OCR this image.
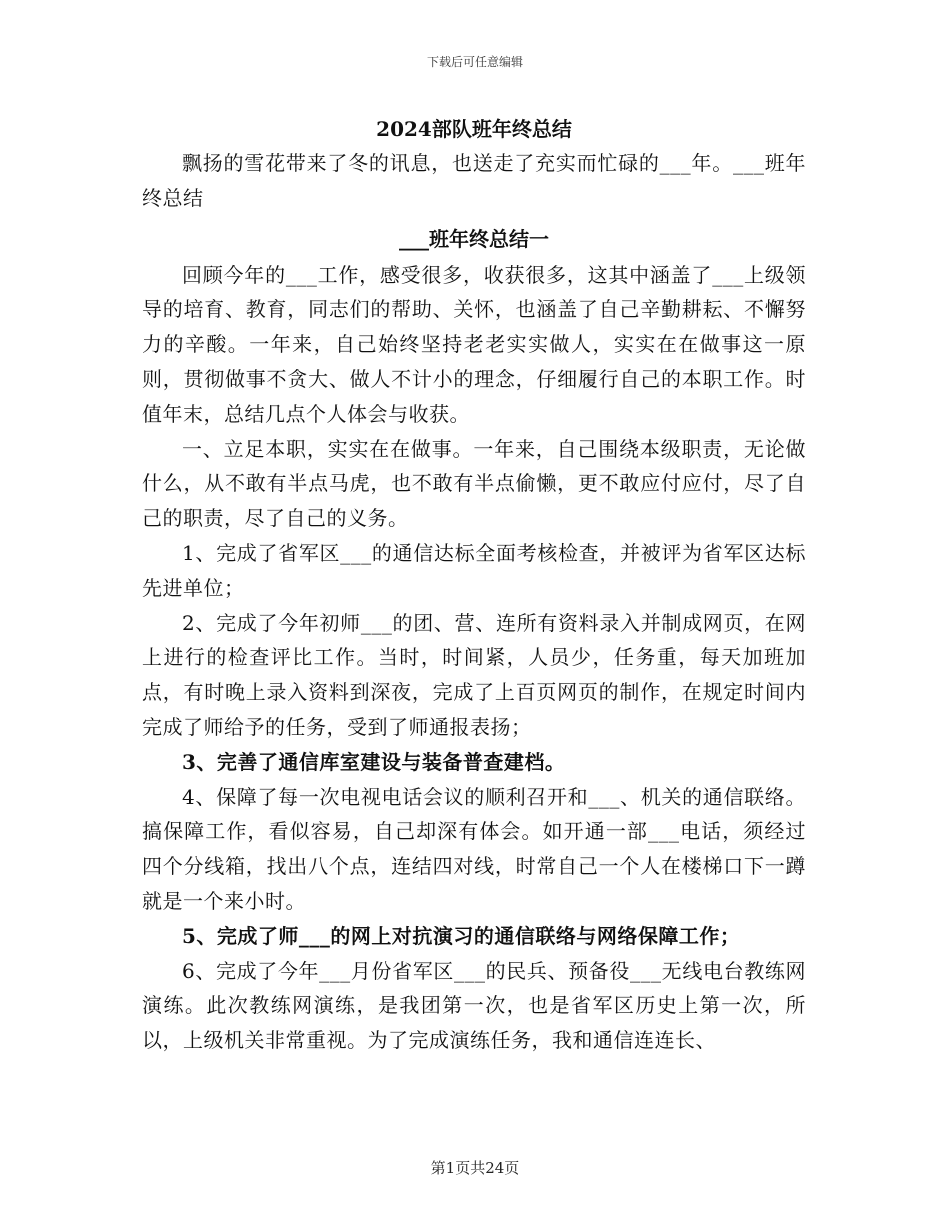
下载后可任意编辑
2024部队班年终总结

飘扬的雪花带来了冬的讯息，也送走了充实而忙碌的___年。___班年终总结

___班年终总结一

回顾今年的___工作，感受很多，收获很多，这其中涵盖了___上级领导的培育、教育，同志们的帮助、关怀，也涵盖了自己辛勤耕耘、不懈努力的辛酸。一年来，自己始终坚持老老实实做人，实实在在做事这一原则，贯彻做事不贪大、做人不计小的理念，仔细履行自己的本职工作。时值年末，总结几点个人体会与收获。

一、立足本职，实实在在做事。一年来，自己围绕本级职责，无论做什么，从不敢有半点马虎，也不敢有半点偷懒，更不敢应付应付，尽了自己的职责，尽了自己的义务。

1、完成了省军区___的通信达标全面考核检查，并被评为省军区达标先进单位；

2、完成了今年初师___的团、营、连所有资料录入并制成网页，在网上进行的检查评比工作。当时，时间紧，人员少，任务重，每天加班加点，有时晚上录入资料到深夜，完成了上百页网页的制作，在规定时间内完成了师给予的任务，受到了师通报表扬；

3、完善了通信库室建设与装备普查建档。

4、保障了每一次电视电话会议的顺利召开和___、机关的通信联络。搞保障工作，看似容易，自己却深有体会。如开通一部___电话，须经过四个分线箱，找出八个点，连结四对线，时常自己一个人在楼梯口下一蹲就是一个来小时。

5、完成了师___的网上对抗演习的通信联络与网络保障工作；

6、完成了今年___月份省军区___的民兵、预备役___无线电台教练网演练。此次教练网演练，是我团第一次，也是省军区历史上第一次，所以，上级机关非常重视。为了完成演练任务，我和通信连连长、

第1页共24页
